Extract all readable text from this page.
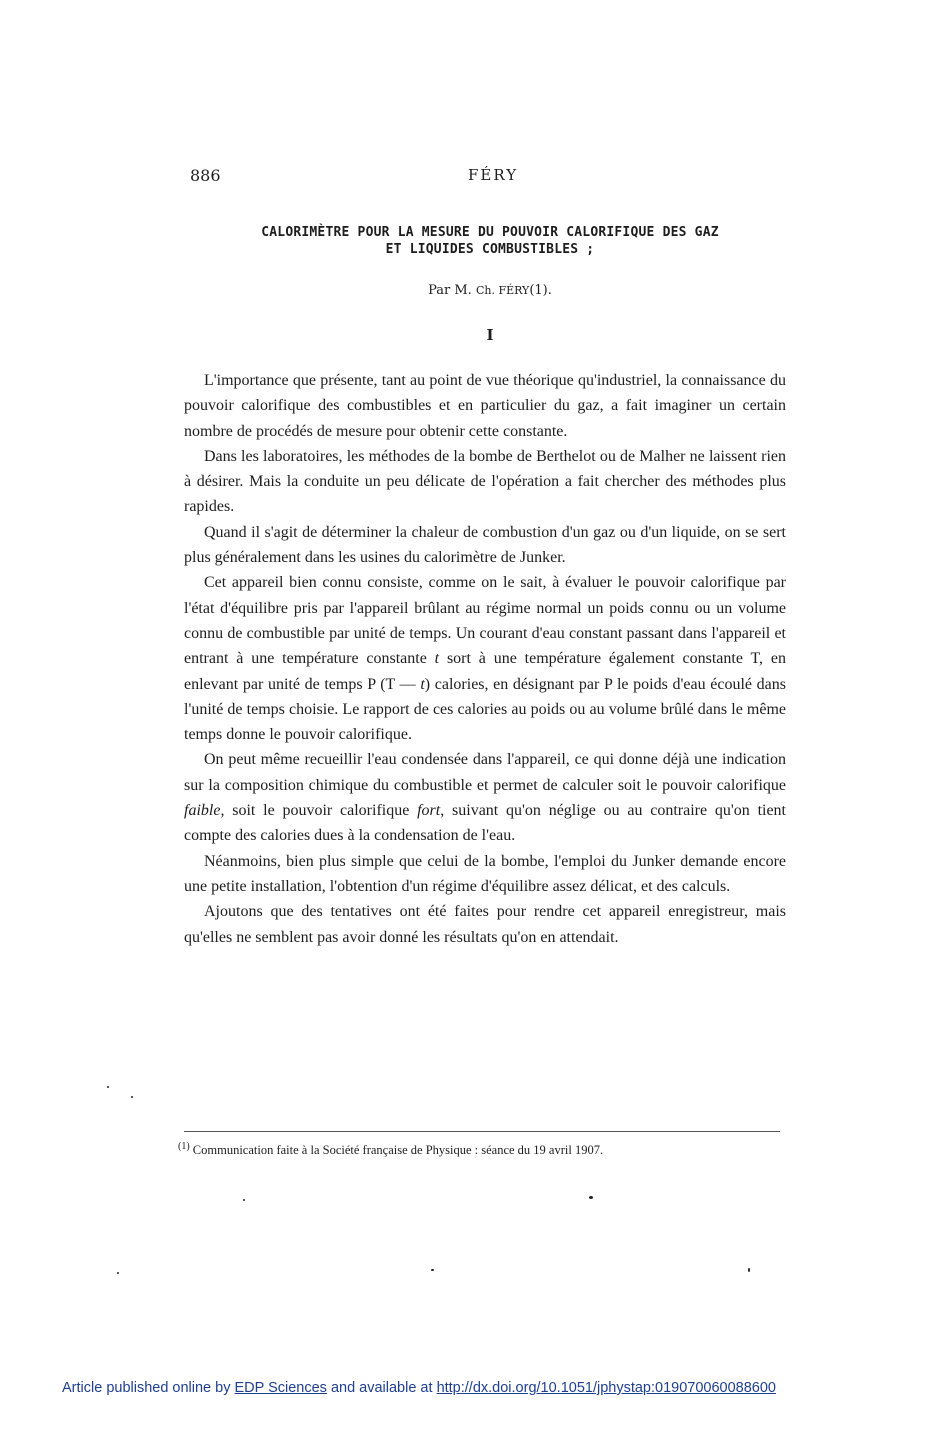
886	FÉRY
CALORIMÈTRE POUR LA MESURE DU POUVOIR CALORIFIQUE DES GAZ
ET LIQUIDES COMBUSTIBLES ;
Par M. Ch. FÉRY(1).
I

L'importance que présente, tant au point de vue théorique qu'industriel, la connaissance du pouvoir calorifique des combustibles et en particulier du gaz, a fait imaginer un certain nombre de procédés de mesure pour obtenir cette constante.

Dans les laboratoires, les méthodes de la bombe de Berthelot ou de Malher ne laissent rien à désirer. Mais la conduite un peu délicate de l'opération a fait chercher des méthodes plus rapides.

Quand il s'agit de déterminer la chaleur de combustion d'un gaz ou d'un liquide, on se sert plus généralement dans les usines du calorimètre de Junker.

Cet appareil bien connu consiste, comme on le sait, à évaluer le pouvoir calorifique par l'état d'équilibre pris par l'appareil brûlant au régime normal un poids connu ou un volume connu de combustible par unité de temps. Un courant d'eau constant passant dans l'appareil et entrant à une température constante t sort à une température également constante T, en enlevant par unité de temps P (T — t) calories, en désignant par P le poids d'eau écoulé dans l'unité de temps choisie. Le rapport de ces calories au poids ou au volume brûlé dans le même temps donne le pouvoir calorifique.

On peut même recueillir l'eau condensée dans l'appareil, ce qui donne déjà une indication sur la composition chimique du combustible et permet de calculer soit le pouvoir calorifique faible, soit le pouvoir calorifique fort, suivant qu'on néglige ou au contraire qu'on tient compte des calories dues à la condensation de l'eau.

Néanmoins, bien plus simple que celui de la bombe, l'emploi du Junker demande encore une petite installation, l'obtention d'un régime d'équilibre assez délicat, et des calculs.

Ajoutons que des tentatives ont été faites pour rendre cet appareil enregistreur, mais qu'elles ne semblent pas avoir donné les résultats qu'on en attendait.

$^{(1)}$ Communication faite à la Société française de Physique : séance du 19 avril 1907.
Article published online by EDP Sciences and available at http://dx.doi.org/10.1051/jphystap:019070060088600
